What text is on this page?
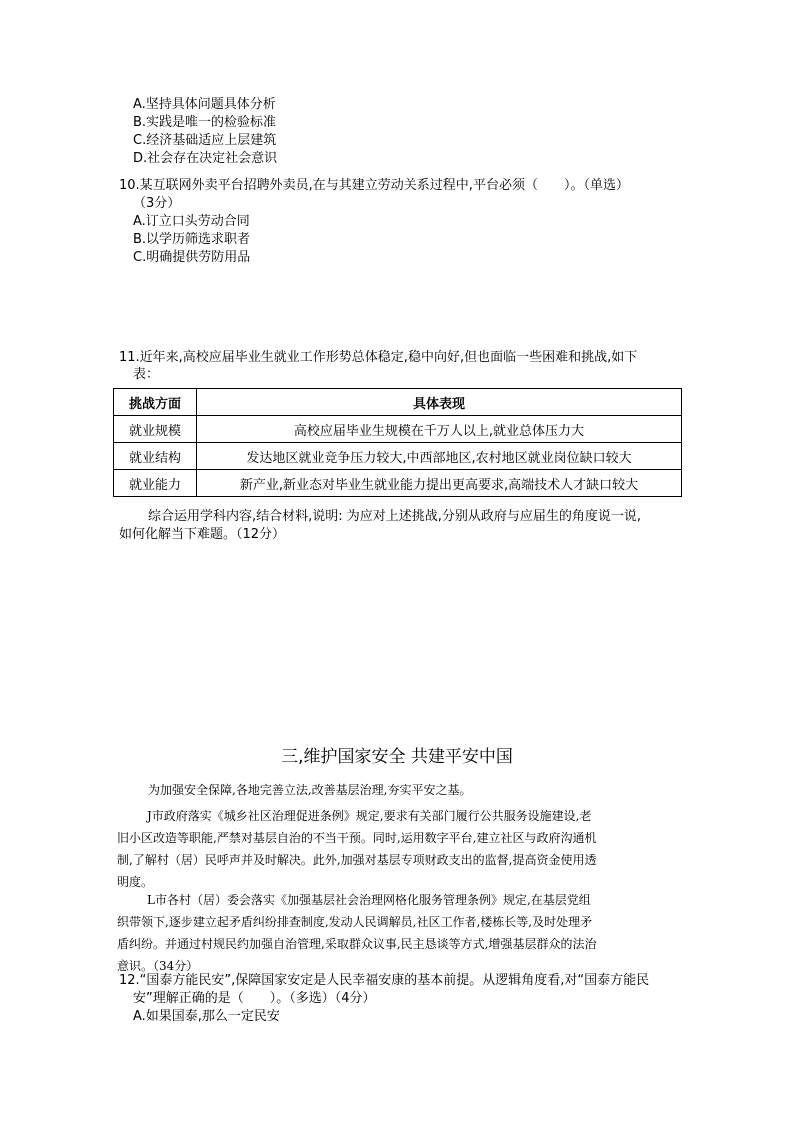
A.坚持具体问题具体分析
B.实践是唯一的检验标准
C.经济基础适应上层建筑
D.社会存在决定社会意识
10.某互联网外卖平台招聘外卖员,在与其建立劳动关系过程中,平台必须（　　）。（单选）
（3分）
A.订立口头劳动合同
B.以学历筛选求职者
C.明确提供劳防用品
11.近年来,高校应届毕业生就业工作形势总体稳定,稳中向好,但也面临一些困难和挑战,如下
表：
挑战方面	具体表现
就业规模	高校应届毕业生规模在千万人以上,就业总体压力大
就业结构	发达地区就业竞争压力较大,中西部地区,农村地区就业岗位缺口较大
就业能力	新产业,新业态对毕业生就业能力提出更高要求,高端技术人才缺口较大
综合运用学科内容,结合材料,说明: 为应对上述挑战,分别从政府与应届生的角度说一说,
如何化解当下难题。（12分）
三,维护国家安全 共建平安中国
为加强安全保障,各地完善立法,改善基层治理,夯实平安之基。
J市政府落实《城乡社区治理促进条例》规定,要求有关部门履行公共服务设施建设,老
旧小区改造等职能,严禁对基层自治的不当干预。同时,运用数字平台,建立社区与政府沟通机
制,了解村（居）民呼声并及时解决。此外,加强对基层专项财政支出的监督,提高资金使用透
明度。
L市各村（居）委会落实《加强基层社会治理网格化服务管理条例》规定,在基层党组
织带领下,逐步建立起矛盾纠纷排查制度,发动人民调解员,社区工作者,楼栋长等,及时处理矛
盾纠纷。并通过村规民约加强自治管理,采取群众议事,民主恳谈等方式,增强基层群众的法治
意识。（34分）
12.“国泰方能民安”,保障国家安定是人民幸福安康的基本前提。从逻辑角度看,对“国泰方能民
安”理解正确的是（　　）。（多选）（4分）
A.如果国泰,那么一定民安
